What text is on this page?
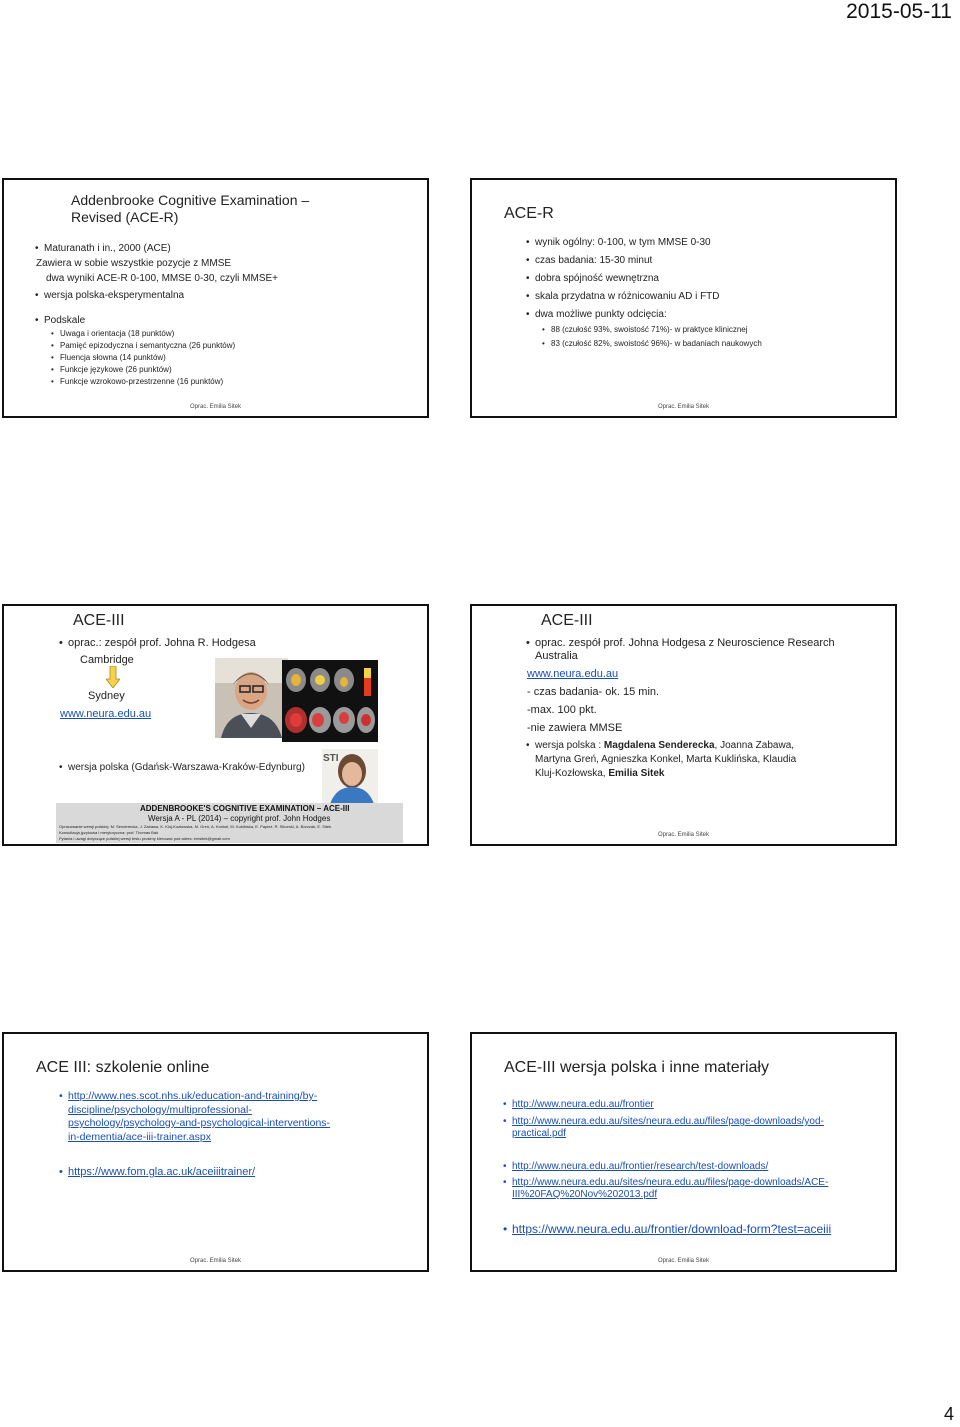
2015-05-11
Addenbrooke Cognitive Examination –
Revised (ACE-R)
• Maturanath i in., 2000 (ACE)
Zawiera w sobie wszystkie pozycje z MMSE
dwa wyniki ACE-R 0-100, MMSE 0-30, czyli MMSE+
• wersja polska-eksperymentalna
• Podskale
• Uwaga i orientacja (18 punktów)
• Pamięć epizodyczna i semantyczna (26 punktów)
• Fluencja słowna (14 punktów)
• Funkcje językowe (26 punktów)
• Funkcje wzrokowo-przestrzenne (16 punktów)
Oprac. Emilia Sitek
ACE-R
• wynik ogólny: 0-100, w tym MMSE 0-30
• czas badania: 15-30 minut
• dobra spójność wewnętrzna
• skala przydatna w różnicowaniu AD i FTD
• dwa możliwe punkty odcięcia:
• 88 (czułość 93%, swoistość 71%)- w praktyce klinicznej
• 83 (czułość 82%, swoistość 96%)- w badaniach naukowych
Oprac. Emilia Sitek
ACE-III
• oprac.: zespół prof. Johna R. Hodgesa
Cambridge
Sydney
www.neura.edu.au
• wersja polska (Gdańsk-Warszawa-Kraków-Edynburg)
STI
ADDENBROOKE'S COGNITIVE EXAMINATION – ACE-III
Wersja A - PL (2014) – copyright prof. John Hodges
Opracowanie wersji polskiej: M. Senderecka, J. Zabawa, K. Kluj-Kozłowska, M. Greń, A. Konkel, M. Kuklińska, E. Papież, R. Sikorski, A. Borczak, E. Sitek
Konsultacja językowa i merytoryczna: prof. Thomas Bak
Pytania i uwagi dotyczące polskiej wersji testu prosimy kierować pod adres: emsitek@gmail.com
ACE-III
• oprac. zespół prof. Johna Hodgesa z Neuroscience Research
Australia
www.neura.edu.au
- czas badania- ok. 15 min.
-max. 100 pkt.
-nie zawiera MMSE
• wersja polska : Magdalena Senderecka, Joanna Zabawa,
Martyna Greń, Agnieszka Konkel, Marta Kuklińska, Klaudia
Kluj-Kozłowska, Emilia Sitek
Oprac. Emilia Sitek
ACE III: szkolenie online
• http://www.nes.scot.nhs.uk/education-and-training/by-
discipline/psychology/multiprofessional-
psychology/psychology-and-psychological-interventions-
in-dementia/ace-iii-trainer.aspx
• https://www.fom.gla.ac.uk/aceiiitrainer/
Oprac. Emilia Sitek
ACE-III wersja polska i inne materiały
• http://www.neura.edu.au/frontier
• http://www.neura.edu.au/sites/neura.edu.au/files/page-downloads/yod-
practical.pdf
• http://www.neura.edu.au/frontier/research/test-downloads/
• http://www.neura.edu.au/sites/neura.edu.au/files/page-downloads/ACE-
III%20FAQ%20Nov%202013.pdf
• https://www.neura.edu.au/frontier/download-form?test=aceiii
Oprac. Emilia Sitek
4
